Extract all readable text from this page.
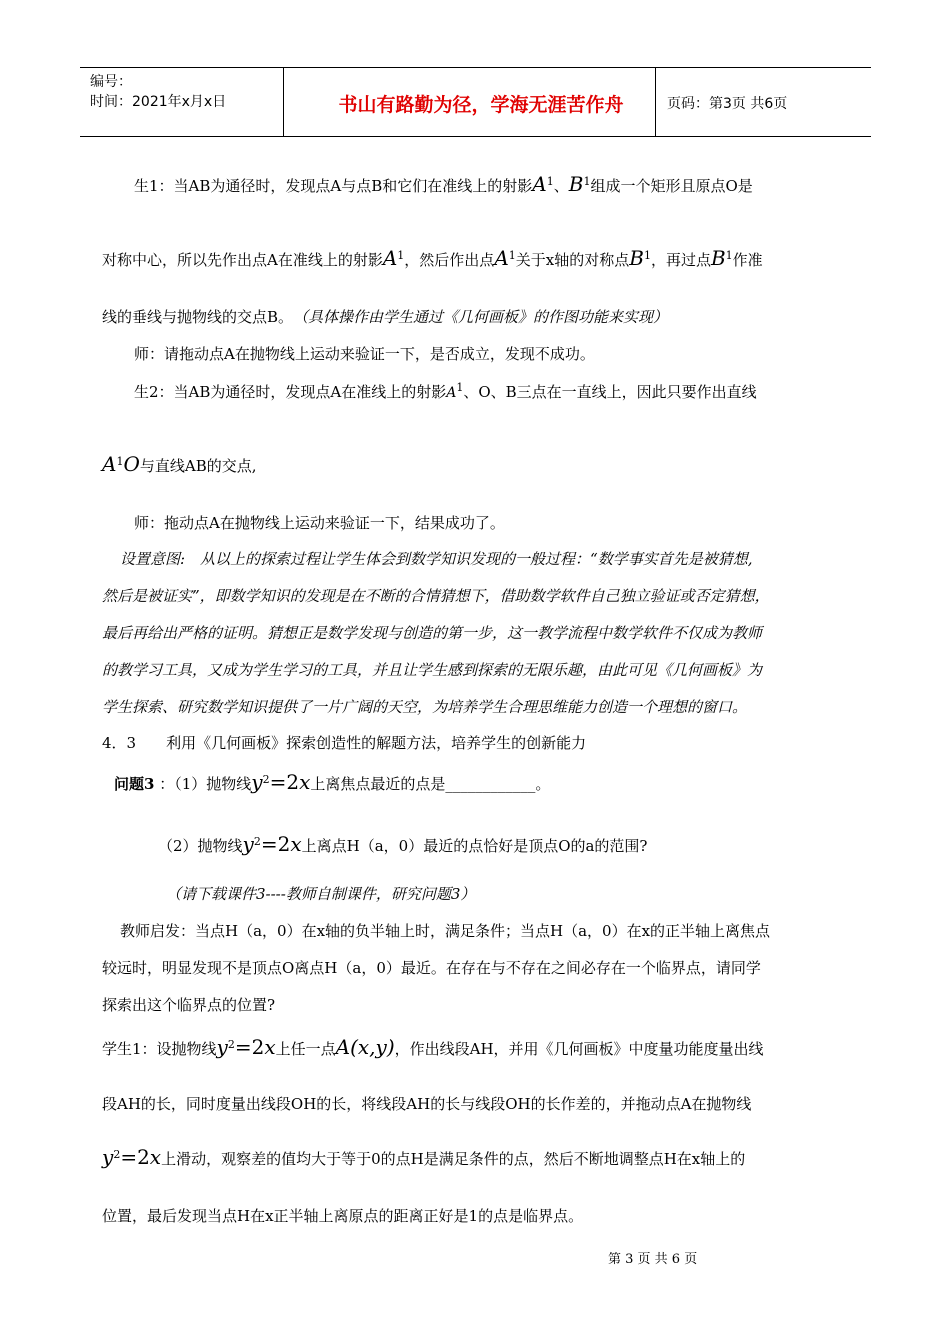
编号：
时间：2021年x月x日	书山有路勤为径，学海无涯苦作舟	页码：第3页 共6页
生1：当AB为通径时，发现点A与点B和它们在准线上的射影$A^1$、$B^1$组成一个矩形且原点O是
对称中心，所以先作出点A在准线上的射影$A^1$，然后作出点$A^1$关于x轴的对称点$B^1$，再过点$B^1$作准
线的垂线与抛物线的交点B。　 （具体操作由学生通过《几何画板》的作图功能来实现）
师：请拖动点A在抛物线上运动来验证一下，是否成立，发现不成功。
生2：当AB为通径时，发现点A在准线上的射影$A^1$、O、B三点在一直线上，因此只要作出直线
$A^1O$与直线AB的交点,
师：拖动点A在抛物线上运动来验证一下，结果成功了。
设置意图:　从以上的探索过程让学生体会到数学知识发现的一般过程：“数学事实首先是被猜想,
然后是被证实”，即数学知识的发现是在不断的合情猜想下，借助数学软件自己独立验证或否定猜想，
最后再给出严格的证明。猜想正是数学发现与创造的第一步，这一教学流程中数学软件不仅成为教师
的教学习工具，又成为学生学习的工具，并且让学生感到探索的无限乐趣，由此可见《几何画板》为
学生探索、研究数学知识提供了一片广阔的天空，为培养学生合理思维能力创造一个理想的窗口。
4．3　　利用《几何画板》探索创造性的解题方法，培养学生的创新能力
问题3 ：（1）抛物线$y^2=2x$上离焦点最近的点是____________。
（2）抛物线$y^2=2x$上离点H（a，0）最近的点恰好是顶点O的a的范围?
（请下载课件3----教师自制课件，研究问题3）
教师启发：当点H（a，0）在x轴的负半轴上时，满足条件；当点H（a，0）在x的正半轴上离焦点
较远时，明显发现不是顶点O离点H（a，0）最近。在存在与不存在之间必存在一个临界点，请同学
探索出这个临界点的位置?
学生1：设抛物线$y^2=2x$上任一点A(x,y)，作出线段AH，并用《几何画板》中度量功能度量出线
段AH的长，同时度量出线段OH的长，将线段AH的长与线段OH的长作差的，并拖动点A在抛物线
$y^2=2x$上滑动，观察差的值均大于等于0的点H是满足条件的点，然后不断地调整点H在x轴上的
位置，最后发现当点H在x正半轴上离原点的距离正好是1的点是临界点。
第 3 页 共 6 页
